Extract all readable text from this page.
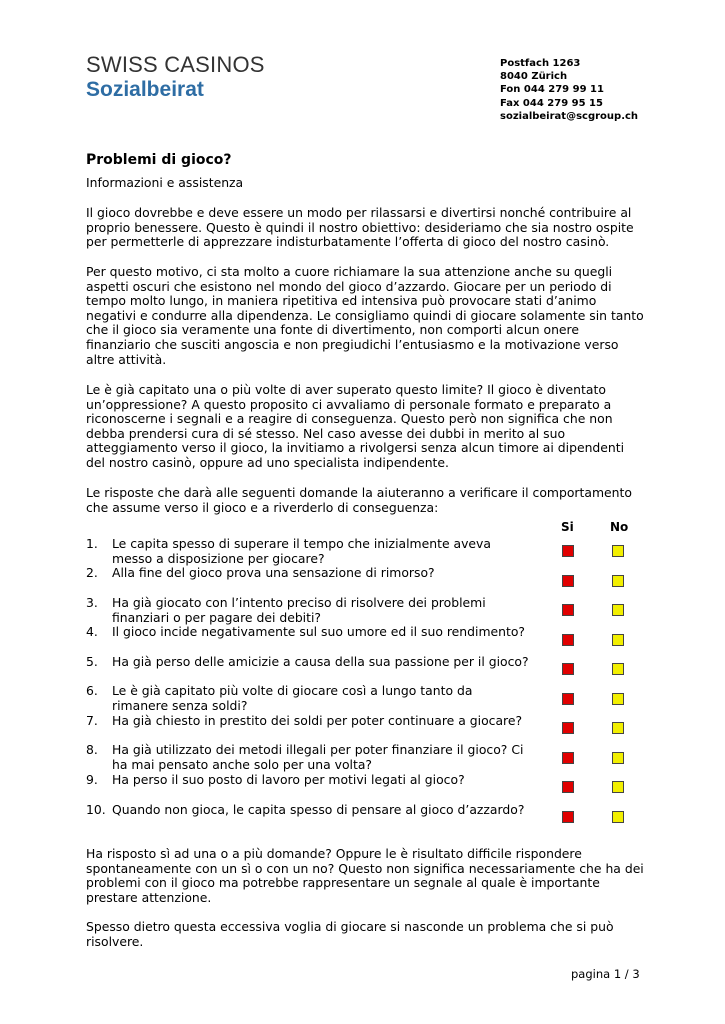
SWISS CASINOS
Sozialbeirat
Postfach 1263
8040 Zürich
Fon 044 279 99 11
Fax 044 279 95 15
sozialbeirat@scgroup.ch
Problemi di gioco?

Informazioni e assistenza

Il gioco dovrebbe e deve essere un modo per rilassarsi e divertirsi nonché contribuire al proprio benessere. Questo è quindi il nostro obiettivo: desideriamo che sia nostro ospite per permetterle di apprezzare indisturbatamente l’offerta di gioco del nostro casinò.

Per questo motivo, ci sta molto a cuore richiamare la sua attenzione anche su quegli aspetti oscuri che esistono nel mondo del gioco d’azzardo. Giocare per un periodo di tempo molto lungo, in maniera ripetitiva ed intensiva può provocare stati d’animo negativi e condurre alla dipendenza. Le consigliamo quindi di giocare solamente sin tanto che il gioco sia veramente una fonte di divertimento, non comporti alcun onere finanziario che susciti angoscia e non pregiudichi l’entusiasmo e la motivazione verso altre attività.

Le è già capitato una o più volte di aver superato questo limite? Il gioco è diventato un’oppressione? A questo proposito ci avvaliamo di personale formato e preparato a riconoscerne i segnali e a reagire di conseguenza. Questo però non significa che non debba prendersi cura di sé stesso. Nel caso avesse dei dubbi in merito al suo atteggiamento verso il gioco, la invitiamo a rivolgersi senza alcun timore ai dipendenti del nostro casinò, oppure ad uno specialista indipendente.

Le risposte che darà alle seguenti domande la aiuteranno a verificare il comportamento che assume verso il gioco e a riverderlo di conseguenza:

Si	No
1.	Le capita spesso di superare il tempo che inizialmente aveva messo a disposizione per giocare?
2.	Alla fine del gioco prova una sensazione di rimorso?
3.	Ha già giocato con l’intento preciso di risolvere dei problemi finanziari o per pagare dei debiti?
4.	Il gioco incide negativamente sul suo umore ed il suo rendimento?
5.	Ha già perso delle amicizie a causa della sua passione per il gioco?
6.	Le è già capitato più volte di giocare così a lungo tanto da rimanere senza soldi?
7.	Ha già chiesto in prestito dei soldi per poter continuare a giocare?
8.	Ha già utilizzato dei metodi illegali per poter finanziare il gioco? Ci ha mai pensato anche solo per una volta?
9.	Ha perso il suo posto di lavoro per motivi legati al gioco?
10. Quando non gioca, le capita spesso di pensare al gioco d’azzardo?

Ha risposto sì ad una o a più domande? Oppure le è risultato difficile rispondere spontaneamente con un sì o con un no? Questo non significa necessariamente che ha dei problemi con il gioco ma potrebbe rappresentare un segnale al quale è importante prestare attenzione.

Spesso dietro questa eccessiva voglia di giocare si nasconde un problema che si può risolvere.

pagina 1 / 3
